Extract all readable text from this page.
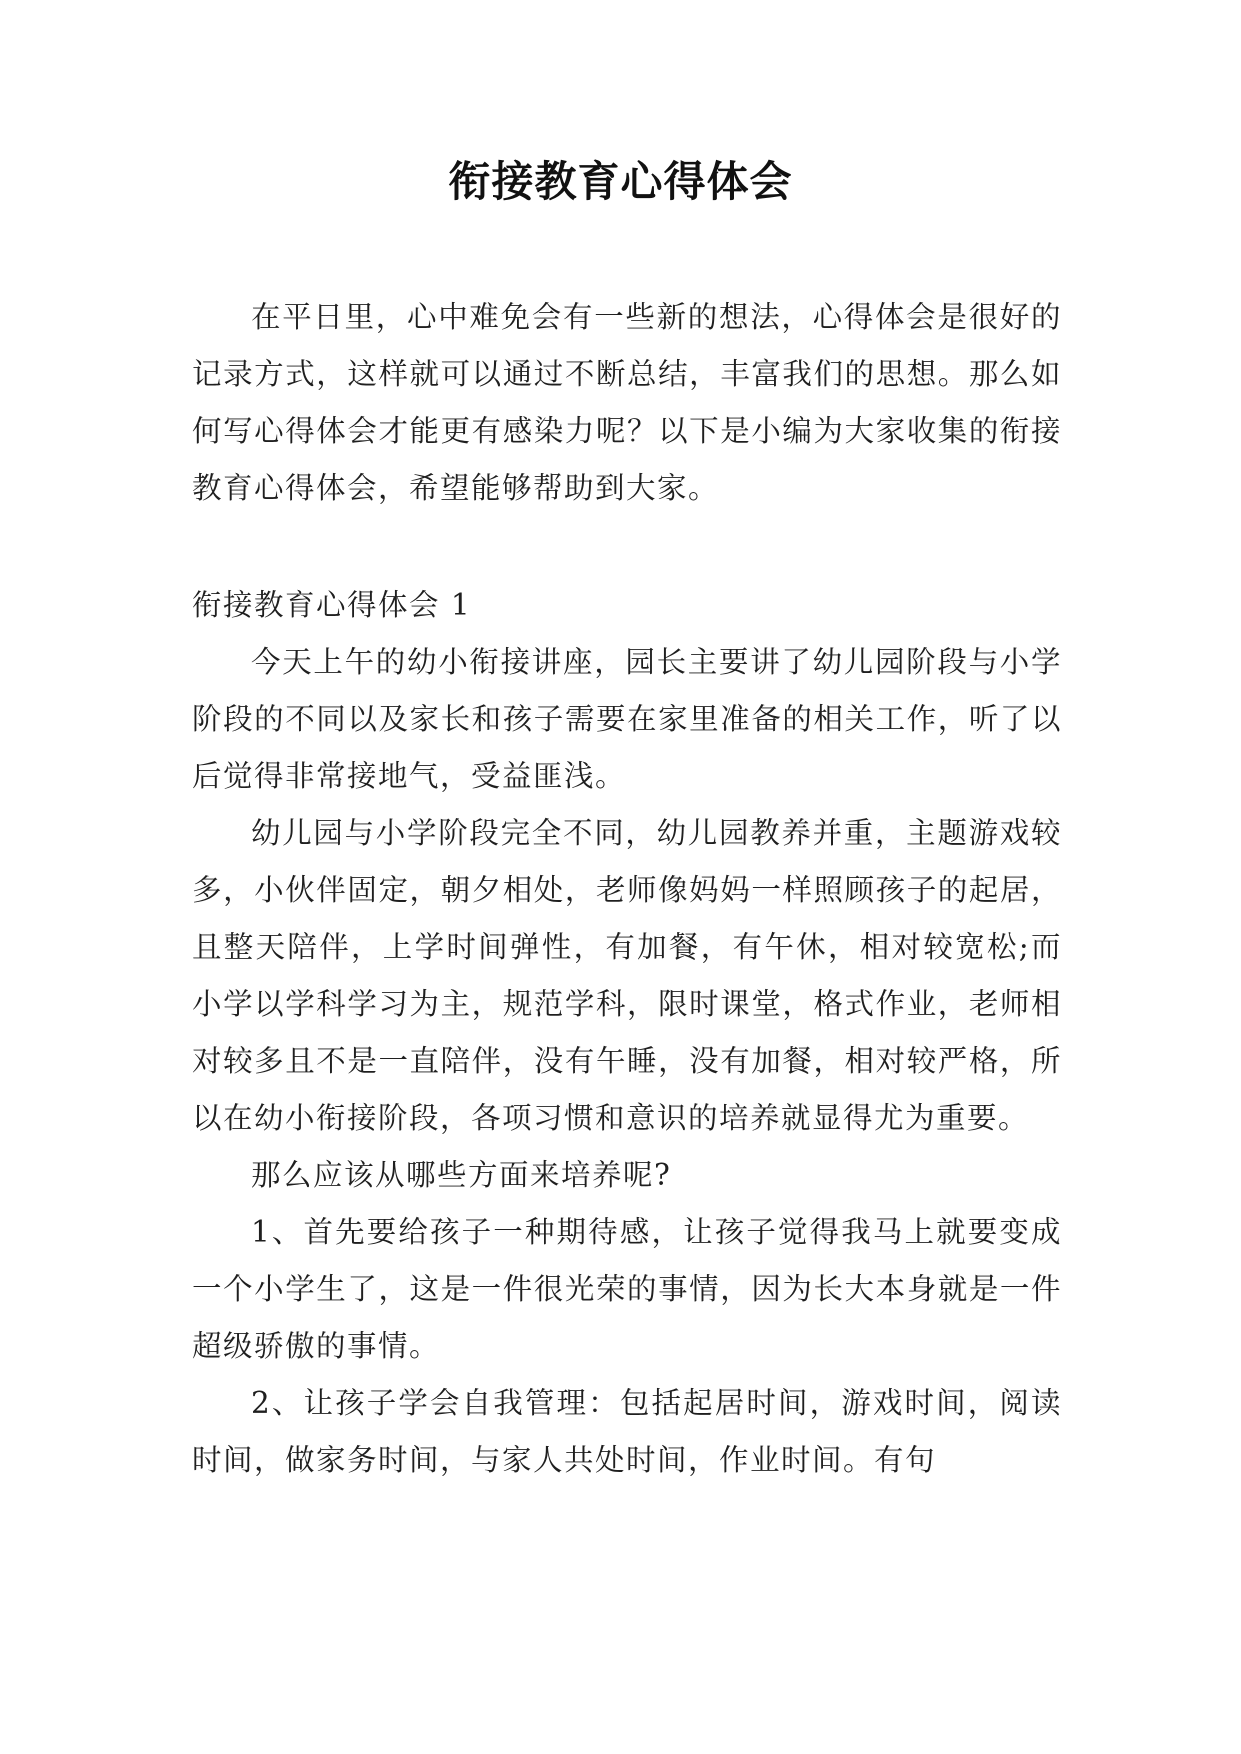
衔接教育心得体会

在平日里，心中难免会有一些新的想法，心得体会是很好的记录方式，这样就可以通过不断总结，丰富我们的思想。那么如何写心得体会才能更有感染力呢？以下是小编为大家收集的衔接教育心得体会，希望能够帮助到大家。

衔接教育心得体会 1

今天上午的幼小衔接讲座，园长主要讲了幼儿园阶段与小学阶段的不同以及家长和孩子需要在家里准备的相关工作，听了以后觉得非常接地气，受益匪浅。

幼儿园与小学阶段完全不同，幼儿园教养并重，主题游戏较多，小伙伴固定，朝夕相处，老师像妈妈一样照顾孩子的起居，且整天陪伴，上学时间弹性，有加餐，有午休，相对较宽松;而小学以学科学习为主，规范学科，限时课堂，格式作业，老师相对较多且不是一直陪伴，没有午睡，没有加餐，相对较严格，所以在幼小衔接阶段，各项习惯和意识的培养就显得尤为重要。

那么应该从哪些方面来培养呢?

1、首先要给孩子一种期待感，让孩子觉得我马上就要变成一个小学生了，这是一件很光荣的事情，因为长大本身就是一件超级骄傲的事情。

2、让孩子学会自我管理：包括起居时间，游戏时间，阅读时间，做家务时间，与家人共处时间，作业时间。有句
